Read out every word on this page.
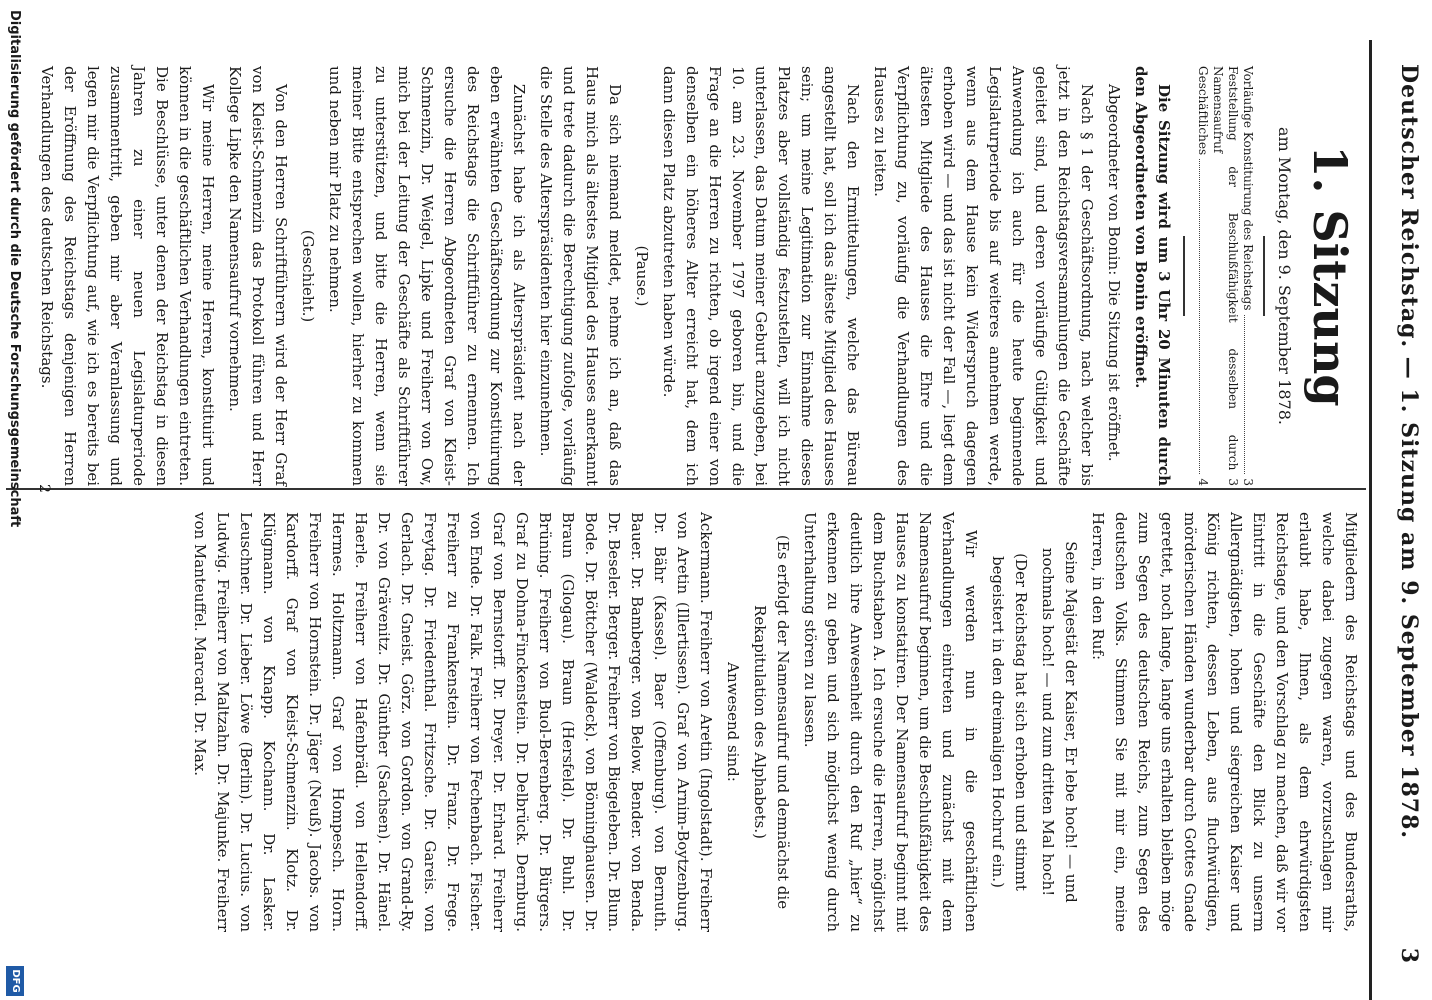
Deutscher Reichstag. — 1. Sitzung am 9. September 1878.
3
1. Sitzung
am Montag, den 9. September 1878.
Vorläufige Konstituirung des Reichstags
3
Feststellung der Beschlußfähigkeit desselben durch Namensaufruf
3
Geschäftliches
4

Die Sitzung wird um 3 Uhr 20 Minuten durch den Abgeordneten von Bonin eröffnet.

Abgeordneter von Bonin: Die Sitzung ist eröffnet.

Nach § 1 der Geschäftsordnung, nach welcher bis jetzt in den Reichstagsversammlungen die Geschäfte geleitet sind, und deren vorläufige Gültigkeit und Anwendung ich auch für die heute beginnende Legislaturperiode bis auf weiteres annehmen werde, wenn aus dem Hause kein Widerspruch dagegen erhoben wird — und das ist nicht der Fall —, liegt dem ältesten Mitgliede des Hauses die Ehre und die Verpflichtung zu, vorläufig die Verhandlungen des Hauses zu leiten.

Nach den Ermittelungen, welche das Büreau angestellt hat, soll ich das älteste Mitglied des Hauses sein; um meine Legitimation zur Einnahme dieses Platzes aber vollständig festzustellen, will ich nicht unterlassen, das Datum meiner Geburt anzugeben, bei 10. am 23. November 1797 geboren bin, und die Frage an die Herren zu richten, ob irgend einer von denselben ein höheres Alter erreicht hat, dem ich dann diesen Platz abzutreten haben würde.

(Pause.)

Da sich niemand meldet, nehme ich an, daß das Haus mich als ältestes Mitglied des Hauses anerkannt und trete dadurch die Berechtigung zufolge, vorläufig die Stelle des Alterspräsidenten hier einzunehmen.

Zunächst habe ich als Alterspräsident nach der eben erwähnten Geschäftsordnung zur Konstituirung des Reichstags die Schriftführer zu ernennen. Ich ersuche die Herren Abgeordneten Graf von Kleist-Schmenzin, Dr. Weigel, Lipke und Freiherr von Ow, mich bei der Leitung der Geschäfte als Schriftführer zu unterstützen, und bitte die Herren, wenn sie meiner Bitte entsprechen wollen, hierher zu kommen und neben mir Platz zu nehmen.

(Geschieht.)

Von den Herren Schriftführern wird der Herr Graf von Kleist-Schmenzin das Protokoll führen und Herr Kollege Lipke den Namensaufruf vornehmen.

Wir meine Herren, meine Herren, konstituirt und können in die geschäftlichen Verhandlungen eintreten. Die Beschlüsse, unter denen der Reichstag in diesen Jahren zu einer neuen Legislaturperiode zusammentritt, geben mir aber Veranlassung und legen mir die Verpflichtung auf, wie ich es bereits bei der Eröffnung des Reichstags denjenigen Herren Verhandlungen des deutschen Reichstags.

Mitgliedern des Reichstags und des Bundesraths, welche dabei zugegen waren, vorzuschlagen mir erlaubt habe, Ihnen, als dem ehrwürdigsten Reichstage, und den Vorschlag zu machen, daß wir vor Eintritt in die Geschäfte den Blick zu unserm Allergnädigsten, hohen und siegreichen Kaiser und König richten, dessen Leben, aus fluchwürdigen, mörderischen Händen wunderbar durch Gottes Gnade gerettet, noch lange, lange uns erhalten bleiben möge zum Segen des deutschen Reichs, zum Segen des deutschen Volks. Stimmen Sie mit mir ein, meine Herren, in den Ruf:

Seine Majestät der Kaiser, Er lebe hoch! — und nochmals hoch! — und zum dritten Mal hoch!

(Der Reichstag hat sich erhoben und stimmt begeistert in den dreimaligen Hochruf ein.)

Wir werden nun in die geschäftlichen Verhandlungen eintreten und zunächst mit dem Namensaufruf beginnen, um die Beschlußfähigkeit des Hauses zu konstatiren. Der Namensaufruf beginnt mit dem Buchstaben A. Ich ersuche die Herren, möglichst deutlich ihre Anwesenheit durch den Ruf „hier“ zu erkennen zu geben und sich möglichst wenig durch Unterhaltung stören zu lassen.

(Es erfolgt der Namensaufruf und demnächst die Rekapitulation des Alphabets.)

Anwesend sind:

Ackermann. Freiherr von Aretin (Ingolstadt). Freiherr von Aretin (Illertissen). Graf von Arnim-Boytzenburg. Dr. Bähr (Kassel). Baer (Offenburg). von Bernuth. Bauer. Dr. Bamberger. von Below. Bender. von Benda. Dr. Beseler. Berger. Freiherr von Biegeleben. Dr. Blum. Bode. Dr. Böttcher (Waldeck). von Bönninghausen. Dr. Braun (Glogau). Braun (Hersfeld). Dr. Buhl. Dr. Brüning. Freiherr von Buol-Berenberg. Dr. Bürgers. Graf zu Dohna-Finckenstein. Dr. Delbrück. Dernburg. Graf von Bernstorff. Dr. Dreyer. Dr. Erhard. Freiherr von Ende. Dr. Falk. Freiherr von Fechenbach. Fischer. Freiherr zu Frankenstein. Dr. Franz. Dr. Frege. Freytag. Dr. Friedenthal. Fritzsche. Dr. Gareis. von Gerlach. Dr. Gneist. Görz. von Gordon. von Grand-Ry. Dr. von Grävenitz. Dr. Günther (Sachsen). Dr. Hänel. Haerle. Freiherr von Hafenbrädl. von Hellendorff. Hermes. Holtzmann. Graf von Hompesch. Horn. Freiherr von Hornstein. Dr. Jäger (Neuß). Jacobs. von Kardorff. Graf von Kleist-Schmenzin. Klotz. Dr. Klügmann. von Knapp. Kochann. Dr. Lasker. Leuschner. Dr. Lieber. Löwe (Berlin). Dr. Lucius. von Ludwig. Freiherr von Maltzahn. Dr. Majunke. Freiherr von Manteuffel. Marcard. Dr. Max.

2
Digitalisierung gefördert durch die Deutsche Forschungsgemeinschaft
DFG
